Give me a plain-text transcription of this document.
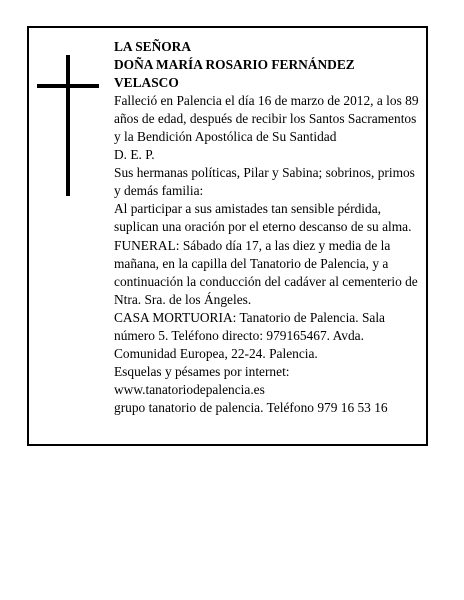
LA SEÑORA

DOÑA MARÍA ROSARIO FERNÁNDEZ

VELASCO

Falleció en Palencia el día 16 de marzo de 2012, a los 89 años de edad, después de recibir los Santos Sacramentos y la Bendición Apostólica de Su Santidad

D. E. P.

Sus hermanas políticas, Pilar y Sabina; sobrinos, primos y demás familia:

Al participar a sus amistades tan sensible pérdida, suplican una oración por el eterno descanso de su alma.

FUNERAL: Sábado día 17, a las diez y media de la mañana, en la capilla del Tanatorio de Palencia, y a continuación la conducción del cadáver al cementerio de Ntra. Sra. de los Ángeles.

CASA MORTUORIA: Tanatorio de Palencia. Sala número 5. Teléfono directo: 979165467. Avda. Comunidad Europea, 22-24. Palencia.

Esquelas y pésames por internet:

www.tanatoriodepalencia.es

grupo tanatorio de palencia. Teléfono 979 16 53 16
